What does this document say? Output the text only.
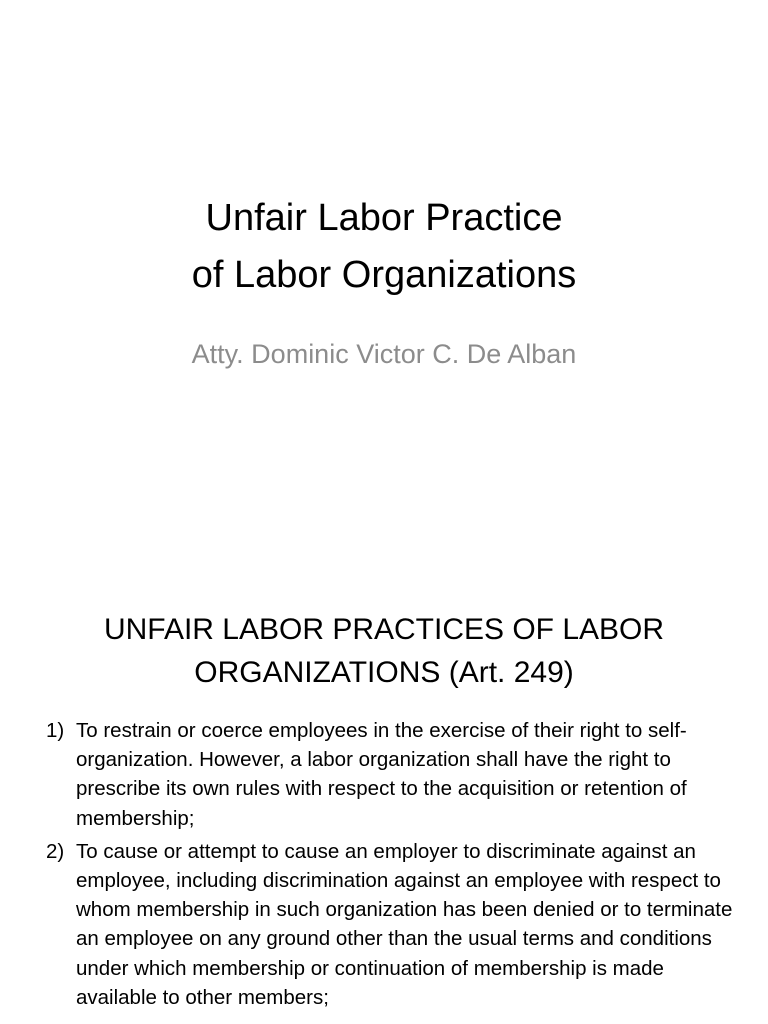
Unfair Labor Practice
of Labor Organizations
Atty. Dominic Victor C. De Alban
UNFAIR LABOR PRACTICES OF LABOR
ORGANIZATIONS (Art. 249)
1) To restrain or coerce employees in the exercise of their right to self-organization. However, a labor organization shall have the right to prescribe its own rules with respect to the acquisition or retention of membership;
2) To cause or attempt to cause an employer to discriminate against an employee, including discrimination against an employee with respect to whom membership in such organization has been denied or to terminate an employee on any ground other than the usual terms and conditions under which membership or continuation of membership is made available to other members;
